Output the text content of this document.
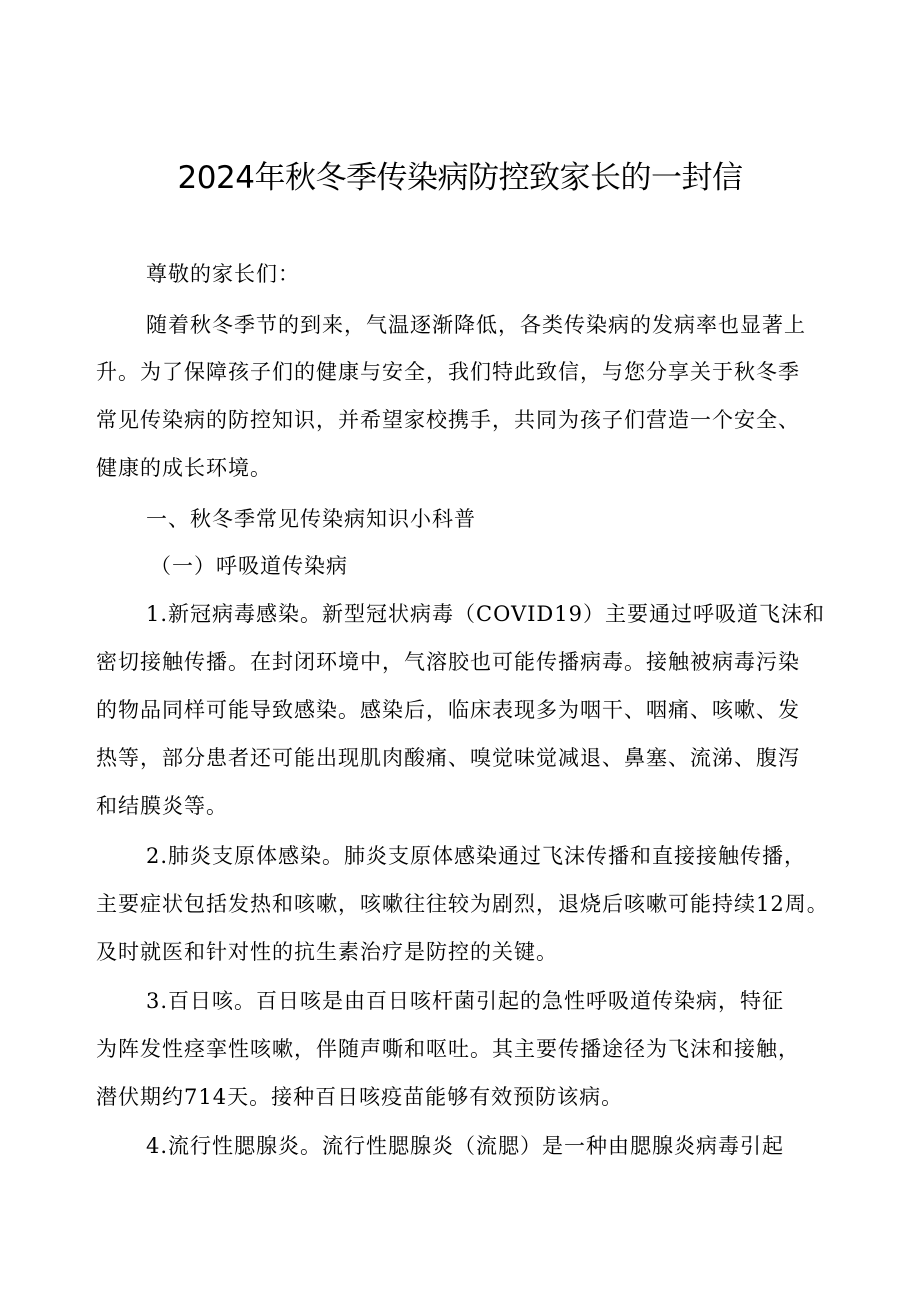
2024年秋冬季传染病防控致家长的一封信

尊敬的家长们：

随着秋冬季节的到来，气温逐渐降低，各类传染病的发病率也显著上

升。为了保障孩子们的健康与安全，我们特此致信，与您分享关于秋冬季

常见传染病的防控知识，并希望家校携手，共同为孩子们营造一个安全、

健康的成长环境。

一、秋冬季常见传染病知识小科普

（一）呼吸道传染病

1.新冠病毒感染。新型冠状病毒（COVID19）主要通过呼吸道飞沫和

密切接触传播。在封闭环境中，气溶胶也可能传播病毒。接触被病毒污染

的物品同样可能导致感染。感染后，临床表现多为咽干、咽痛、咳嗽、发

热等，部分患者还可能出现肌肉酸痛、嗅觉味觉减退、鼻塞、流涕、腹泻

和结膜炎等。

2.肺炎支原体感染。肺炎支原体感染通过飞沫传播和直接接触传播，

主要症状包括发热和咳嗽，咳嗽往往较为剧烈，退烧后咳嗽可能持续12周。

及时就医和针对性的抗生素治疗是防控的关键。

3.百日咳。百日咳是由百日咳杆菌引起的急性呼吸道传染病，特征

为阵发性痉挛性咳嗽，伴随声嘶和呕吐。其主要传播途径为飞沫和接触，

潜伏期约714天。接种百日咳疫苗能够有效预防该病。

4.流行性腮腺炎。流行性腮腺炎（流腮）是一种由腮腺炎病毒引起
